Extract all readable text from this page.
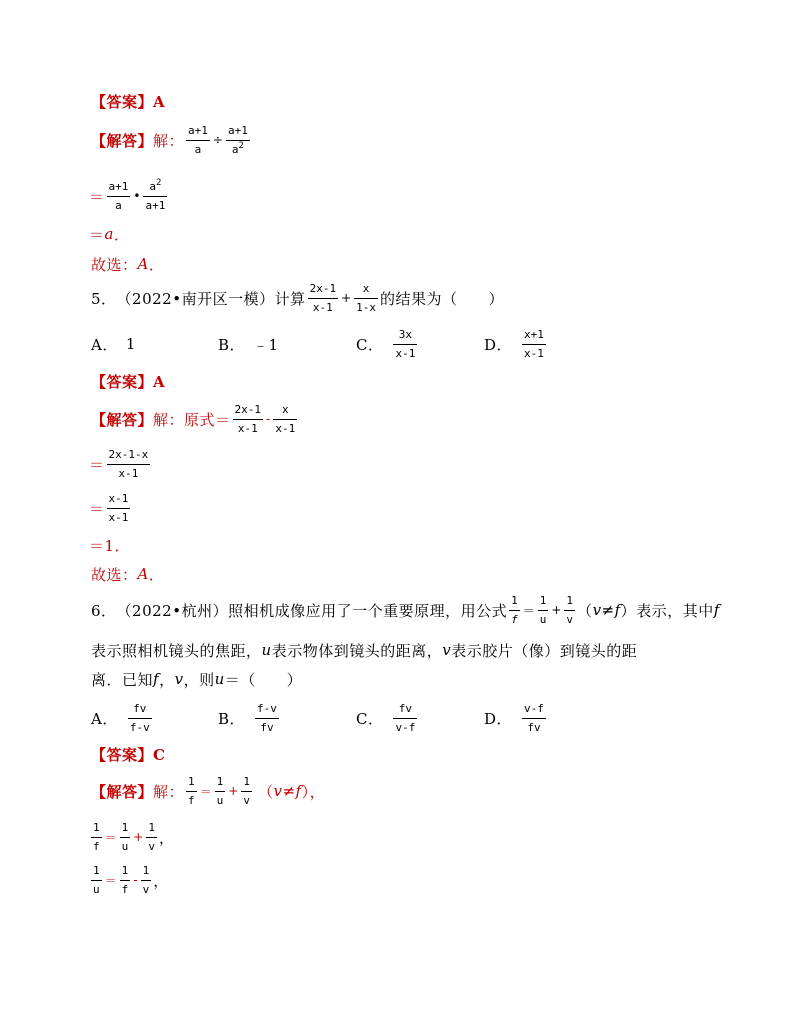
【答案】A
【解答】 解： $\frac{a+1}{a} \div \frac{a+1}{a^2}$
＝ $\frac{a+1}{a}$ • $\frac{a^2}{a+1}$
＝ a ．
故选： A ．
5． （2022•南开区一模） 计算 $\frac{2x-1}{x-1} + \frac{x}{1-x}$ 的结果为（　　）
A． 1	B． ﹣1	C． $\frac{3x}{x-1}$	D． $\frac{x+1}{x-1}$
【答案】A
【解答】 解：原式＝ $\frac{2x-1}{x-1} - \frac{x}{x-1}$
＝ $\frac{2x-1-x}{x-1}$
＝ $\frac{x-1}{x-1}$
＝1．
故选： A ．
6． （2022•杭州） 照相机成像应用了一个重要原理，用公式 $\frac{1}{f} = \frac{1}{u} + \frac{1}{v}$ （ v≠f ） 表示，其中 f
表示照相机镜头的焦距， u 表示物体到镜头的距离， v 表示胶片（像）到镜头的距
离．已知 f ， v ，则 u ＝（　　）
A． $\frac{fv}{f-v}$	B． $\frac{f-v}{fv}$	C． $\frac{fv}{v-f}$	D． $\frac{v-f}{fv}$
【答案】C
【解答】 解： $\frac{1}{f} = \frac{1}{u} + \frac{1}{v}$ （ v≠f ），
$\frac{1}{f} = \frac{1}{u} + \frac{1}{v}$ ，
$\frac{1}{u} = \frac{1}{f} - \frac{1}{v}$ ，
